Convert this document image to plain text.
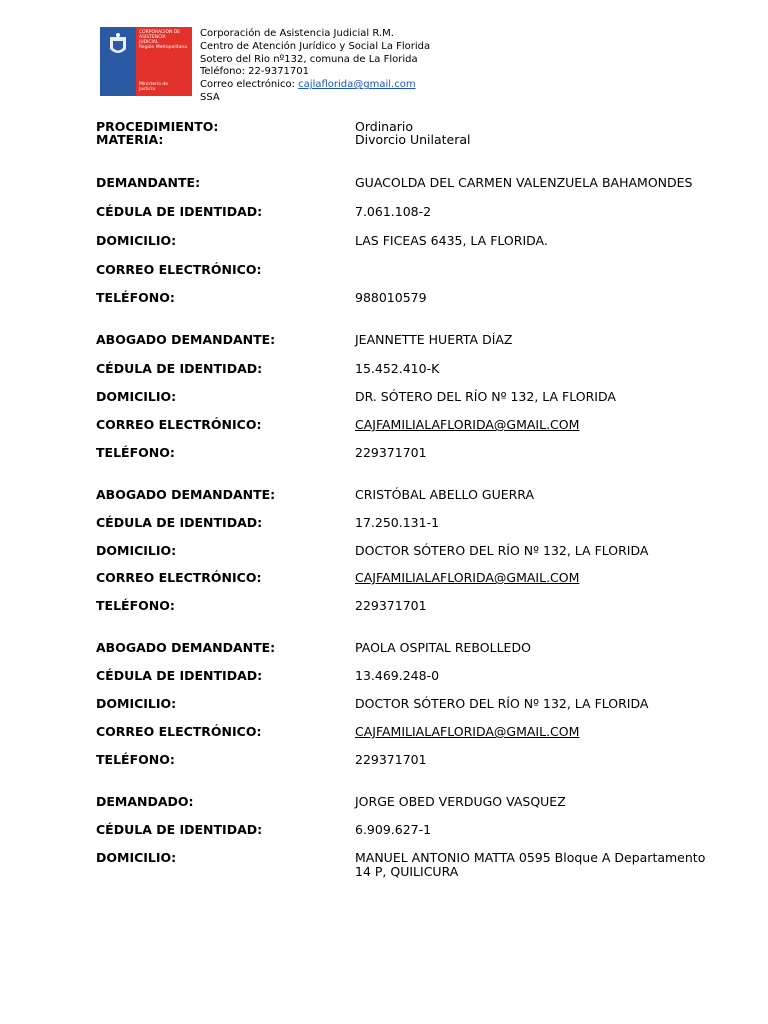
CORPORACIÓN DE
ASISTENCIA
JUDICIAL
Región Metropolitana
Ministerio de
Justicia
Corporación de Asistencia Judicial R.M.
Centro de Atención Jurídico y Social La Florida
Sotero del Rio nº132, comuna de La Florida
Teléfono: 22-9371701
Correo electrónico: cajlaflorida@gmail.com
SSA
PROCEDIMIENTO:	Ordinario
MATERIA:	Divorcio Unilateral
DEMANDANTE:	GUACOLDA DEL CARMEN VALENZUELA BAHAMONDES
CÉDULA DE IDENTIDAD:	7.061.108-2
DOMICILIO:	LAS FICEAS 6435, LA FLORIDA.
CORREO ELECTRÓNICO:
TELÉFONO:	988010579
ABOGADO DEMANDANTE:	JEANNETTE HUERTA DÍAZ
CÉDULA DE IDENTIDAD:	15.452.410-K
DOMICILIO:	DR. SÓTERO DEL RÍO Nº 132, LA FLORIDA
CORREO ELECTRÓNICO:	CAJFAMILIALAFLORIDA@GMAIL.COM
TELÉFONO:	229371701
ABOGADO DEMANDANTE:	CRISTÓBAL ABELLO GUERRA
CÉDULA DE IDENTIDAD:	17.250.131-1
DOMICILIO:	DOCTOR SÓTERO DEL RÍO Nº 132, LA FLORIDA
CORREO ELECTRÓNICO:	CAJFAMILIALAFLORIDA@GMAIL.COM
TELÉFONO:	229371701
ABOGADO DEMANDANTE:	PAOLA OSPITAL REBOLLEDO
CÉDULA DE IDENTIDAD:	13.469.248-0
DOMICILIO:	DOCTOR SÓTERO DEL RÍO Nº 132, LA FLORIDA
CORREO ELECTRÓNICO:	CAJFAMILIALAFLORIDA@GMAIL.COM
TELÉFONO:	229371701
DEMANDADO:	JORGE OBED VERDUGO VASQUEZ
CÉDULA DE IDENTIDAD:	6.909.627-1
DOMICILIO:	MANUEL ANTONIO MATTA 0595 Bloque A Departamento
14 P, QUILICURA
